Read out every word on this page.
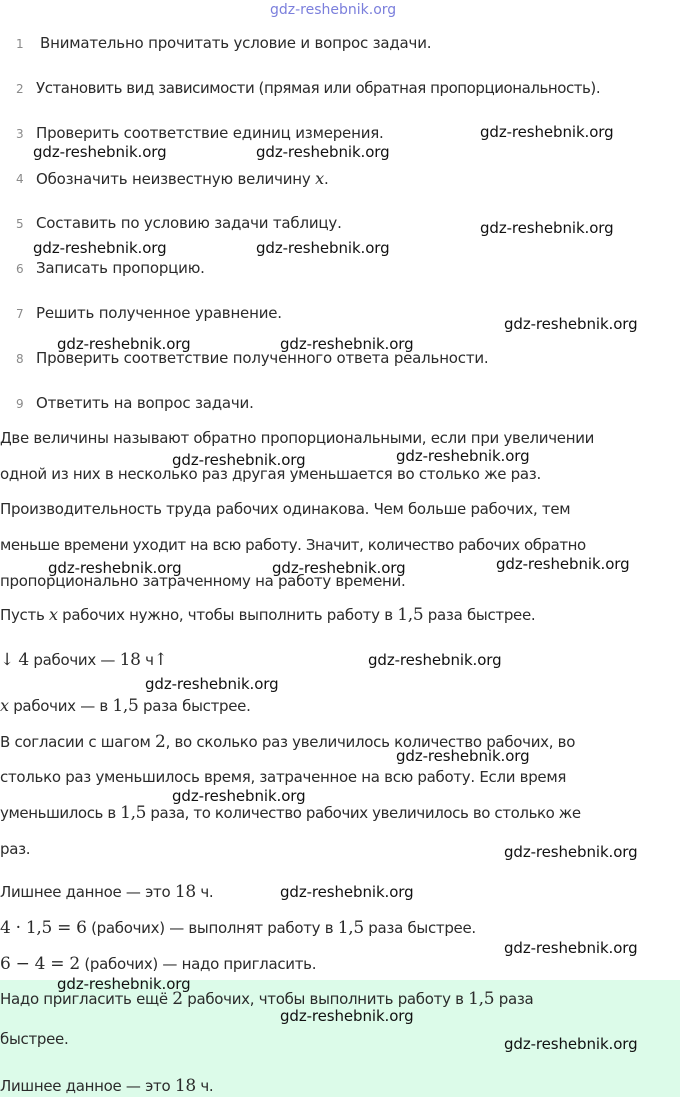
gdz-reshebnik.org
1 Внимательно прочитать условие и вопрос задачи.
2 Установить вид зависимости (прямая или обратная пропорциональность).
3 Проверить соответствие единиц измерения.
4 Обозначить неизвестную величину x.
5 Составить по условию задачи таблицу.
6 Записать пропорцию.
7 Решить полученное уравнение.
8 Проверить соответствие полученного ответа реальности.
9 Ответить на вопрос задачи.
Две величины называют обратно пропорциональными, если при увеличении
одной из них в несколько раз другая уменьшается во столько же раз.
Производительность труда рабочих одинакова. Чем больше рабочих, тем
меньше времени уходит на всю работу. Значит, количество рабочих обратно
пропорционально затраченному на работу времени.
Пусть x рабочих нужно, чтобы выполнить работу в 1,5 раза быстрее.
↓ 4 рабочих — 18 ч↑
x рабочих — в 1,5 раза быстрее.
В согласии с шагом 2, во сколько раз увеличилось количество рабочих, во
столько раз уменьшилось время, затраченное на всю работу. Если время
уменьшилось в 1,5 раза, то количество рабочих увеличилось во столько же
раз.
Лишнее данное — это 18 ч.
4 · 1,5 = 6 (рабочих) — выполнят работу в 1,5 раза быстрее.
6 − 4 = 2 (рабочих) — надо пригласить.
Надо пригласить ещё 2 рабочих, чтобы выполнить работу в 1,5 раза
быстрее.
Лишнее данное — это 18 ч.
gdz-reshebnik.org
gdz-reshebnik.org	gdz-reshebnik.org
gdz-reshebnik.org
gdz-reshebnik.org	gdz-reshebnik.org
gdz-reshebnik.org
gdz-reshebnik.org	gdz-reshebnik.org
gdz-reshebnik.org
gdz-reshebnik.org
gdz-reshebnik.org
gdz-reshebnik.org	gdz-reshebnik.org
gdz-reshebnik.org
gdz-reshebnik.org
gdz-reshebnik.org
gdz-reshebnik.org
gdz-reshebnik.org
gdz-reshebnik.org
gdz-reshebnik.org
gdz-reshebnik.org
gdz-reshebnik.org
gdz-reshebnik.org
